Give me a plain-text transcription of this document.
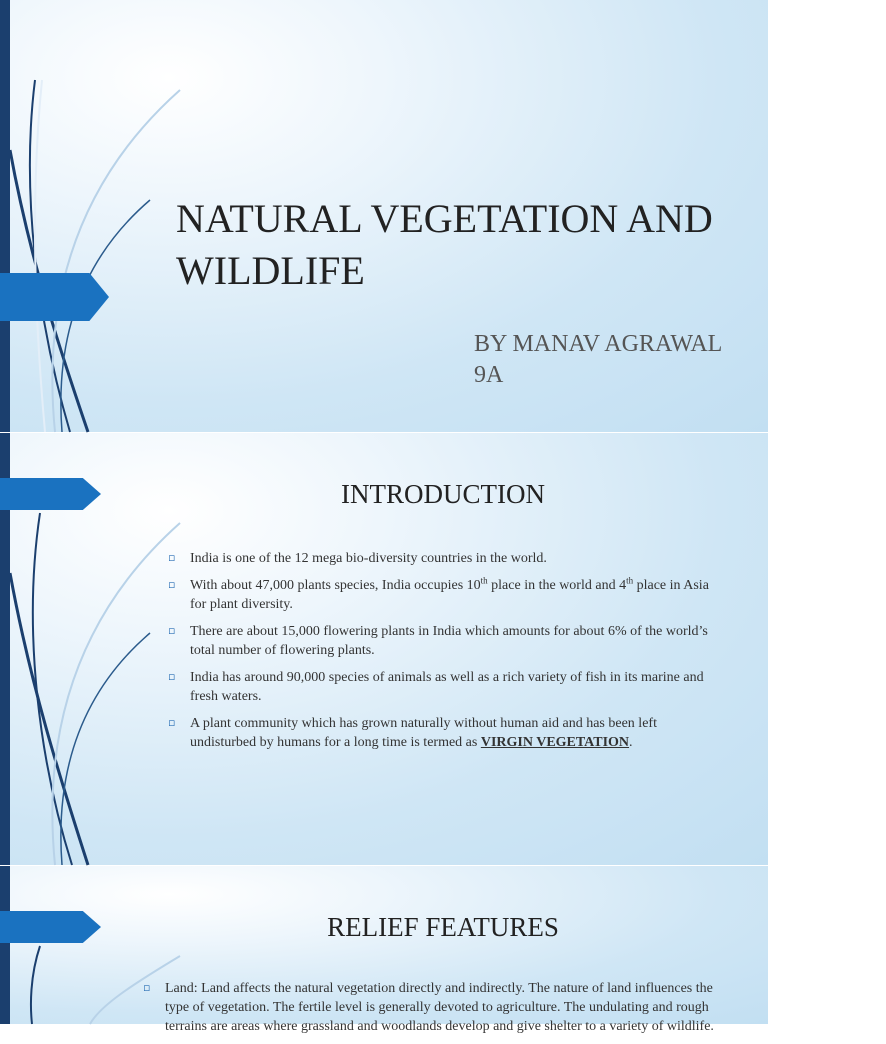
NATURAL VEGETATION AND WILDLIFE

BY MANAV AGRAWAL 9A

INTRODUCTION
▫ India is one of the 12 mega bio-diversity countries in the world.
▫ With about 47,000 plants species, India occupies 10th place in the world and 4th place in Asia for plant diversity.
▫ There are about 15,000 flowering plants in India which amounts for about 6% of the world’s total number of flowering plants.
▫ India has around 90,000 species of animals as well as a rich variety of fish in its marine and fresh waters.
▫ A plant community which has grown naturally without human aid and has been left undisturbed by humans for a long time is termed as VIRGIN VEGETATION.
RELIEF FEATURES
▫ Land: Land affects the natural vegetation directly and indirectly. The nature of land influences the type of vegetation. The fertile level is generally devoted to agriculture. The undulating and rough terrains are areas where grassland and woodlands develop and give shelter to a variety of wildlife.
